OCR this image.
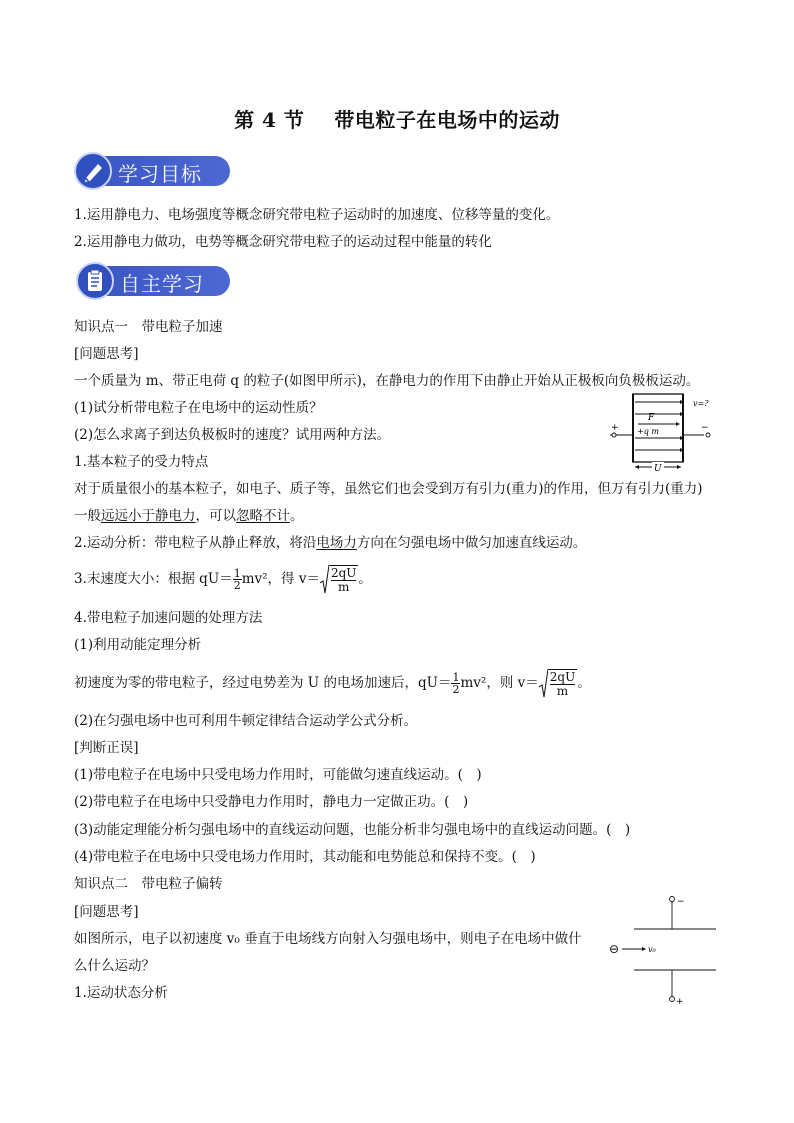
第 4 节 带电粒子在电场中的运动
学习目标
1.运用静电力、电场强度等概念研究带电粒子运动时的加速度、位移等量的变化。
2.运用静电力做功，电势等概念研究带电粒子的运动过程中能量的转化
自主学习
知识点一　带电粒子加速
[问题思考]
一个质量为 m、带正电荷 q 的粒子(如图甲所示)，在静电力的作用下由静止开始从正极板向负极板运动。
(1)试分析带电粒子在电场中的运动性质？
(2)怎么求离子到达负极板时的速度？试用两种方法。
F
+q m
v=?
+	−
U
1.基本粒子的受力特点
对于质量很小的基本粒子，如电子、质子等，虽然它们也会受到万有引力(重力)的作用，但万有引力(重力)
一般远远小于静电力，可以忽略不计。
2.运动分析：带电粒子从静止释放，将沿电场力方向在匀强电场中做匀加速直线运动。
3.末速度大小：根据 $qU= \frac{1}{2} mv^2$，得 v＝ 2qU
m 。
4.带电粒子加速问题的处理方法
(1)利用动能定理分析
初速度为零的带电粒子，经过电势差为 U 的电场加速后，$qU= \frac{1}{2} mv^2$，则 v＝ 2qU
m 。
(2)在匀强电场中也可利用牛顿定律结合运动学公式分析。
[判断正误]
(1)带电粒子在电场中只受电场力作用时，可能做匀速直线运动。(　)
(2)带电粒子在电场中只受静电力作用时，静电力一定做正功。(　)
(3)动能定理能分析匀强电场中的直线运动问题，也能分析非匀强电场中的直线运动问题。(　)
(4)带电粒子在电场中只受电场力作用时，其动能和电势能总和保持不变。(　)
知识点二　带电粒子偏转
[问题思考]
如图所示，电子以初速度 v₀ 垂直于电场线方向射入匀强电场中，则电子在电场中做什
么什么运动？
1.运动状态分析
−
+
⊖	v₀
